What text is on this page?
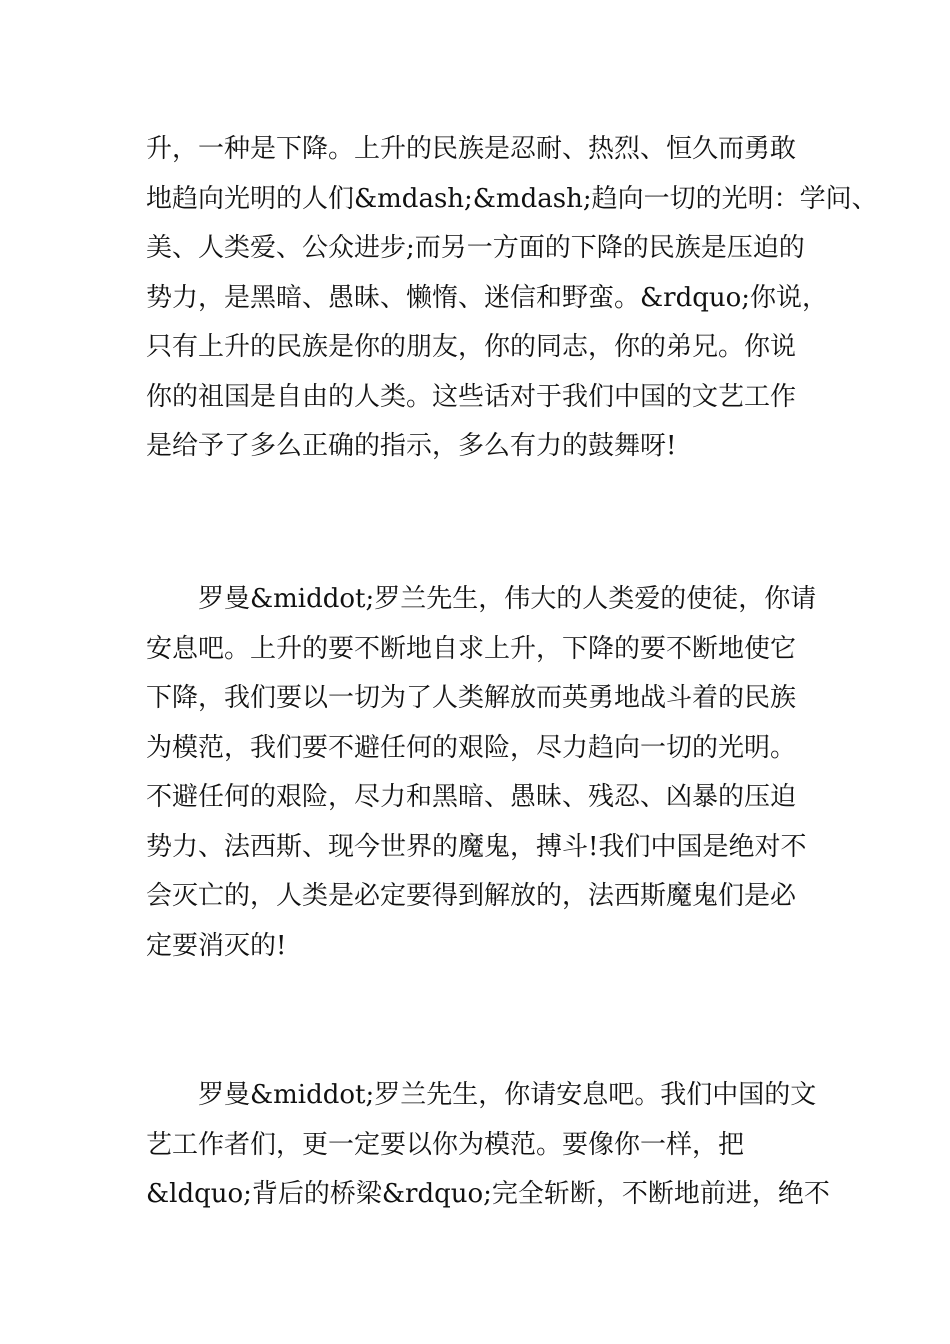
升，一种是下降。上升的民族是忍耐、热烈、恒久而勇敢
地趋向光明的人们&mdash;&mdash;趋向一切的光明：学问、
美、人类爱、公众进步;而另一方面的下降的民族是压迫的
势力，是黑暗、愚昧、懒惰、迷信和野蛮。&rdquo;你说，
只有上升的民族是你的朋友，你的同志，你的弟兄。你说
你的祖国是自由的人类。这些话对于我们中国的文艺工作
是给予了多么正确的指示，多么有力的鼓舞呀!
　　罗曼&middot;罗兰先生，伟大的人类爱的使徒，你请
安息吧。上升的要不断地自求上升，下降的要不断地使它
下降，我们要以一切为了人类解放而英勇地战斗着的民族
为模范，我们要不避任何的艰险，尽力趋向一切的光明。
不避任何的艰险，尽力和黑暗、愚昧、残忍、凶暴的压迫
势力、法西斯、现今世界的魔鬼，搏斗!我们中国是绝对不
会灭亡的，人类是必定要得到解放的，法西斯魔鬼们是必
定要消灭的!
　　罗曼&middot;罗兰先生，你请安息吧。我们中国的文
艺工作者们，更一定要以你为模范。要像你一样，把
&ldquo;背后的桥梁&rdquo;完全斩断，不断地前进，绝不
